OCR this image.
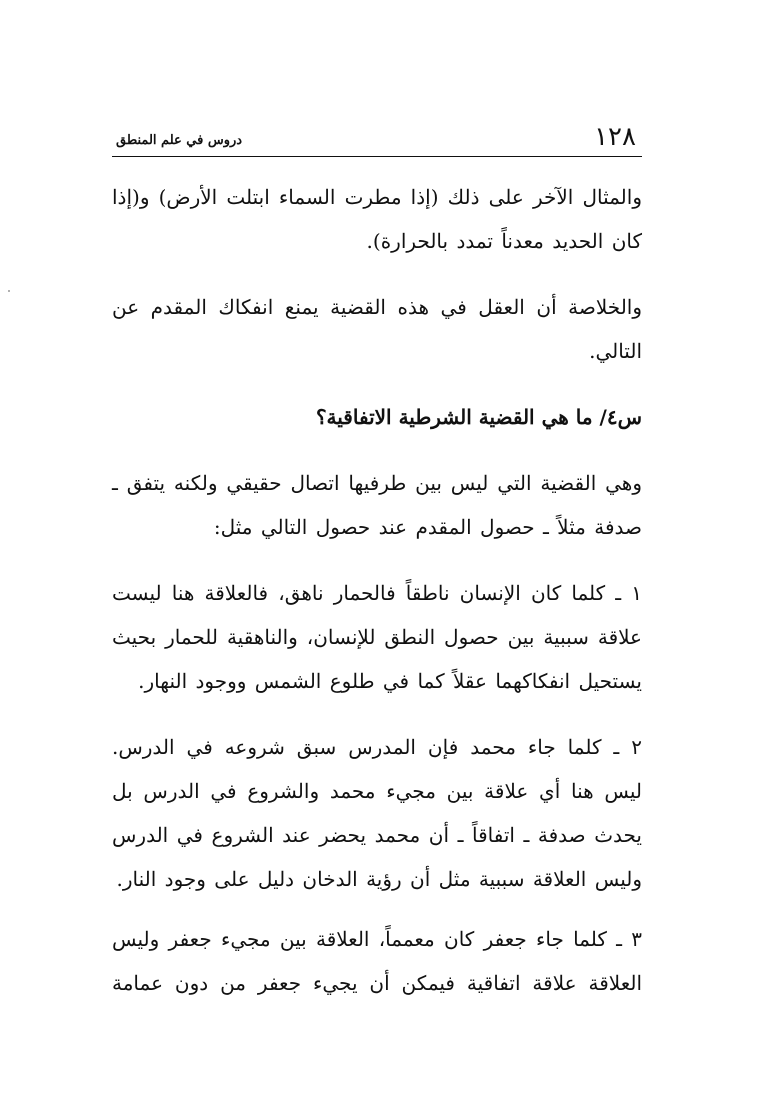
١٢٨
دروس في علم المنطق

والمثال الآخر على ذلك (إذا مطرت السماء ابتلت الأرض) و(إذا كان الحديد معدناً تمدد بالحرارة).

والخلاصة أن العقل في هذه القضية يمنع انفكاك المقدم عن التالي.

س٤/ ما هي القضية الشرطية الاتفاقية؟

وهي القضية التي ليس بين طرفيها اتصال حقيقي ولكنه يتفق ـ صدفة مثلاً ـ حصول المقدم عند حصول التالي مثل:

١ ـ كلما كان الإنسان ناطقاً فالحمار ناهق، فالعلاقة هنا ليست علاقة سببية بين حصول النطق للإنسان، والناهقية للحمار بحيث يستحيل انفكاكهما عقلاً كما في طلوع الشمس ووجود النهار.

٢ ـ كلما جاء محمد فإن المدرس سبق شروعه في الدرس. ليس هنا أي علاقة بين مجيء محمد والشروع في الدرس بل يحدث صدفة ـ اتفاقاً ـ أن محمد يحضر عند الشروع في الدرس وليس العلاقة سببية مثل أن رؤية الدخان دليل على وجود النار.

٣ ـ كلما جاء جعفر كان معمماً، العلاقة بين مجيء جعفر وليس العلاقة علاقة اتفاقية فيمكن أن يجيء جعفر من دون عمامة
